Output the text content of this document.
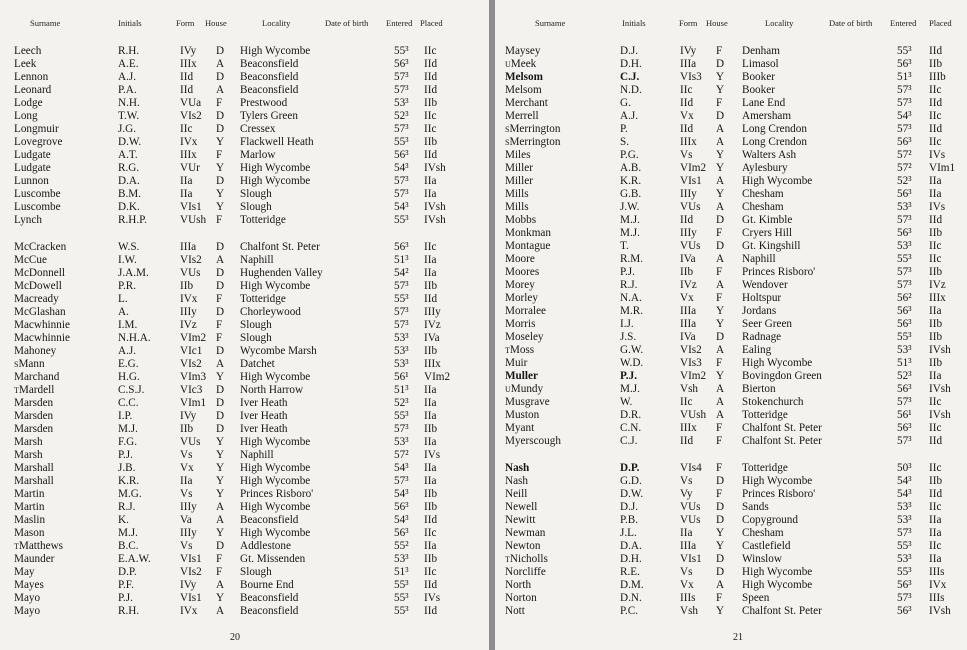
Surname	Initials	Form House	Locality	Date of birth Entered Placed
Leech	R.H.	IVy D High Wycombe	55³ IIc
Leek	A.E.	IIIx A Beaconsfield	56³ IId
Lennon	A.J.	IId D Beaconsfield	57³ IId
Leonard	P.A.	IId A Beaconsfield	57³ IId
Lodge	N.H.	VUa F Prestwood	53³ IIb
Long	T.W.	VIs2 D Tylers Green	52³ IIc
Longmuir	J.G.	IIc D Cressex	57³ IIc
Lovegrove	D.W.	IVx Y Flackwell Heath	55³ IIb
Ludgate	A.T.	IIIx F Marlow	56³ IId
Ludgate	R.G.	VUr Y High Wycombe	54³ IVsh
Lunnon	D.A.	IIa D High Wycombe	57³ IIa
Luscombe	B.M.	IIa Y Slough	57³ IIa
Luscombe	D.K.	VIs1 Y Slough	54³ IVsh
Lynch	R.H.P.	VUsh F Totteridge	55³ IVsh
McCracken	W.S.	IIIa D Chalfont St. Peter	56³ IIc
McCue	I.W.	VIs2 A Naphill	51³ IIa
McDonnell	J.A.M.	VUs D Hughenden Valley	54² IIa
McDowell	P.R.	IIb D High Wycombe	57³ IIb
Macready	L.	IVx F Totteridge	55³ IId
McGlashan	A.	IIIy D Chorleywood	57³ IIIy
Macwhinnie	I.M.	IVz F Slough	57³ IVz
Macwhinnie	N.H.A.	VIm2 F Slough	53³ IVa
Mahoney	A.J.	VIc1 D Wycombe Marsh	53³ IIb
SMann	E.G.	VIs2 A Datchet	53³ IIIx
Marchand	H.G.	VIm3 Y High Wycombe	56¹ VIm2
TMardell	C.S.J.	VIc3 D North Harrow	51³ IIa
Marsden	C.C.	VIm1 D Iver Heath	52³ IIa
Marsden	I.P.	IVy D Iver Heath	55³ IIa
Marsden	M.J.	IIb D Iver Heath	57³ IIb
Marsh	F.G.	VUs Y High Wycombe	53³ IIa
Marsh	P.J.	Vs Y Naphill	57² IVs
Marshall	J.B.	Vx Y High Wycombe	54³ IIa
Marshall	K.R.	IIa Y High Wycombe	57³ IIa
Martin	M.G.	Vs Y Princes Risboro'	54³ IIb
Martin	R.J.	IIIy A High Wycombe	56³ IIb
Maslin	K.	Va A Beaconsfield	54³ IId
Mason	M.J.	IIIy Y High Wycombe	56³ IIc
TMatthews	B.C.	Vs D Addlestone	55² IIa
Maunder	E.A.W.	VIs1 F Gt. Missenden	53³ IIb
May	D.P.	VIs2 F Slough	51³ IIc
Mayes	P.F.	IVy A Bourne End	55³ IId
Mayo	P.J.	VIs1 Y Beaconsfield	55³ IVs
Mayo	R.H.	IVx A Beaconsfield	55³ IId
20
Surname	Initials	Form House	Locality	Date of birth Entered Placed
Maysey	D.J.	IVy F Denham	55³ IId
UMeek	D.H.	IIIa D Limasol	56³ IIb
Melsom	C.J.	VIs3 Y Booker	51³ IIIb
Melsom	N.D.	IIc Y Booker	57³ IIc
Merchant	G.	IId F Lane End	57³ IId
Merrell	A.J.	Vx D Amersham	54³ IIc
SMerrington	P.	IId A Long Crendon	57³ IId
SMerrington	S.	IIIx A Long Crendon	56³ IIc
Miles	P.G.	Vs Y Walters Ash	57² IVs
Miller	A.B.	VIm2 Y Aylesbury	57² VIm1
Miller	K.R.	VIs1 A High Wycombe	52³ IIa
Mills	G.B.	IIIy Y Chesham	56³ IIa
Mills	J.W.	VUs A Chesham	53³ IVs
Mobbs	M.J.	IId D Gt. Kimble	57³ IId
Monkman	M.J.	IIIy F Cryers Hill	56³ IIb
Montague	T.	VUs D Gt. Kingshill	53³ IIc
Moore	R.M.	IVa A Naphill	55³ IIc
Moores	P.J.	IIb F Princes Risboro'	57³ IIb
Morey	R.J.	IVz A Wendover	57³ IVz
Morley	N.A.	Vx F Holtspur	56² IIIx
Morralee	M.R.	IIIa Y Jordans	56³ IIa
Morris	I.J.	IIIa Y Seer Green	56³ IIb
Moseley	J.S.	IVa D Radnage	55³ IIb
TMoss	G.W.	VIs2 A Ealing	53³ IVsh
Muir	W.D.	VIs3 F High Wycombe	51³ IIb
Muller	P.J.	VIm2 Y Bovingdon Green	52³ IIa
UMundy	M.J.	Vsh A Bierton	56³ IVsh
Musgrave	W.	IIc A Stokenchurch	57³ IIc
Muston	D.R.	VUsh A Totteridge	56¹ IVsh
Myant	C.N.	IIIx F Chalfont St. Peter	56³ IIc
Myerscough	C.J.	IId F Chalfont St. Peter	57³ IId
Nash	D.P.	VIs4 F Totteridge	50³ IIc
Nash	G.D.	Vs D High Wycombe	54³ IIb
Neill	D.W.	Vy F Princes Risboro'	54³ IId
Newell	D.J.	VUs D Sands	53³ IIc
Newitt	P.B.	VUs D Copyground	53³ IIa
Newman	J.L.	IIa Y Chesham	57³ IIa
Newton	D.A.	IIIa Y Castlefield	55³ IIc
TNicholls	D.H.	VIs1 D Winslow	53³ IIa
Norcliffe	R.E.	Vs D High Wycombe	55³ IIIs
North	D.M.	Vx A High Wycombe	56³ IVx
Norton	D.N.	IIIs F Speen	57³ IIIs
Nott	P.C.	Vsh Y Chalfont St. Peter	56³ IVsh
21
